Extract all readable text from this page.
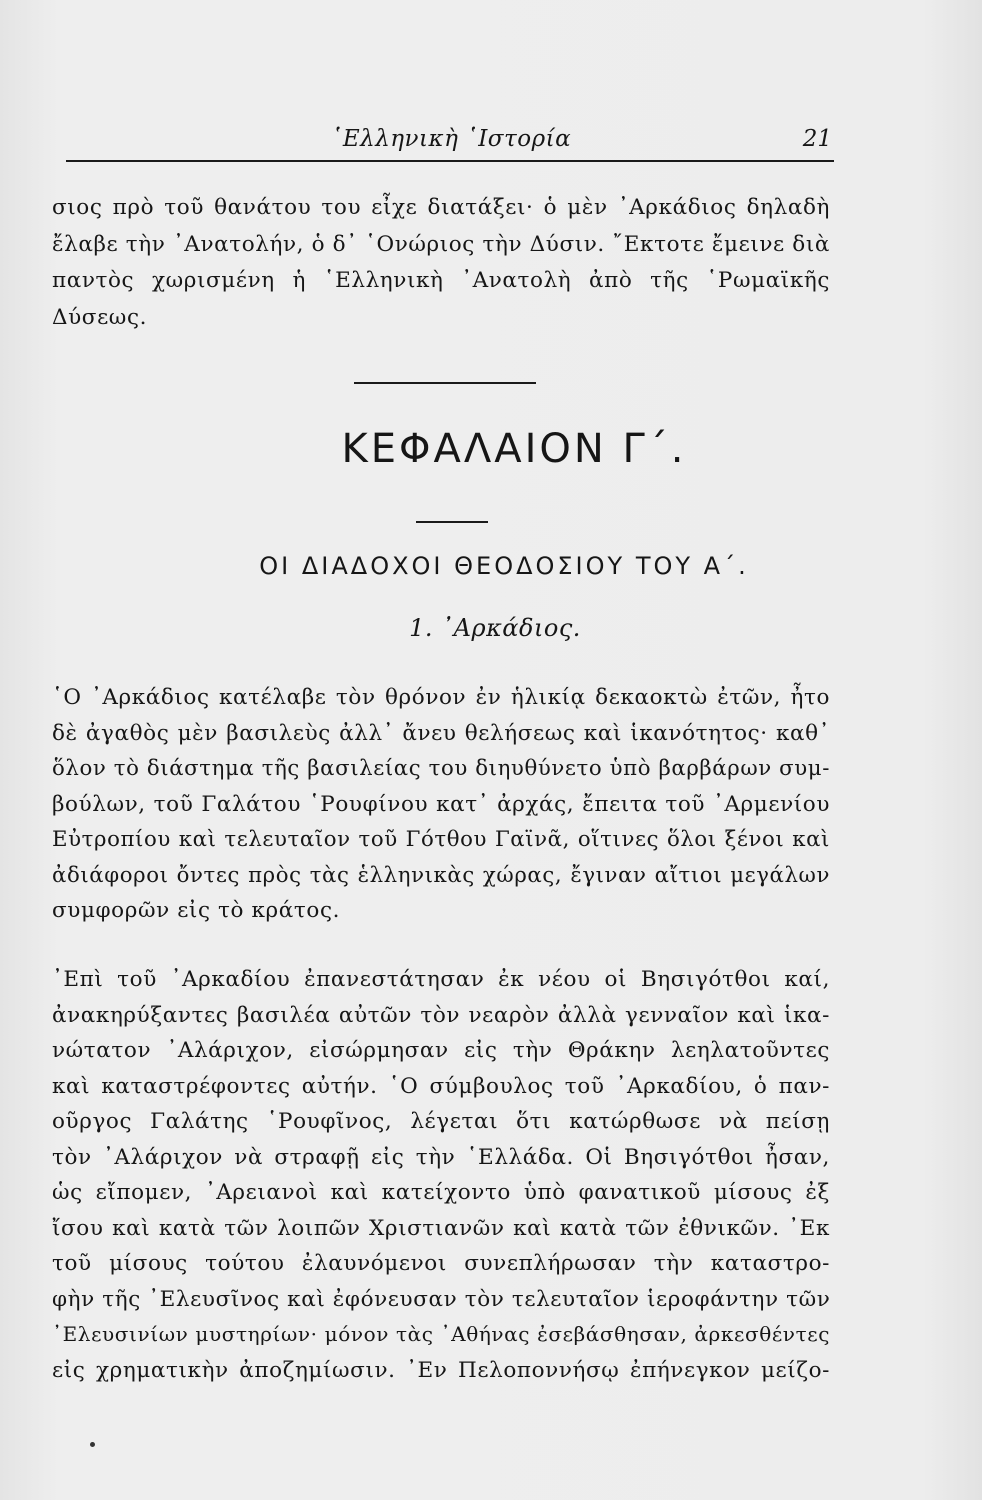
῾Ελληνικὴ ῾Ιστορία	21
σιος πρὸ τοῦ θανάτου του εἶχε διατάξει· ὁ μὲν ᾿Αρκάδιος δηλαδὴ
ἔλαβε τὴν ᾿Ανατολήν, ὁ δ᾿ ῾Ονώριος τὴν Δύσιν. ῎Εκτοτε ἔμεινε διὰ
παντὸς χωρισμένη ἡ ῾Ελληνικὴ ᾿Ανατολὴ ἀπὸ τῆς ῾Ρωμαϊκῆς
Δύσεως.
ΚΕΦΑΛΑΙΟΝ Γ΄.
ΟΙ ΔΙΑΔΟΧΟΙ ΘΕΟΔΟΣΙΟΥ ΤΟΥ Α΄.
1. ᾿Αρκάδιος.
῾Ο ᾿Αρκάδιος κατέλαβε τὸν θρόνον ἐν ἡλικίᾳ δεκαοκτὼ ἐτῶν, ἦτο
δὲ ἀγαθὸς μὲν βασιλεὺς ἀλλ᾿ ἄνευ θελήσεως καὶ ἱκανότητος· καθ᾿
ὅλον τὸ διάστημα τῆς βασιλείας του διηυθύνετο ὑπὸ βαρβάρων συμ-
βούλων, τοῦ Γαλάτου ῾Ρουφίνου κατ᾿ ἀρχάς, ἔπειτα τοῦ ᾿Αρμενίου
Εὐτροπίου καὶ τελευταῖον τοῦ Γότθου Γαϊνᾶ, οἵτινες ὅλοι ξένοι καὶ
ἀδιάφοροι ὄντες πρὸς τὰς ἑλληνικὰς χώρας, ἔγιναν αἴτιοι μεγάλων
συμφορῶν εἰς τὸ κράτος.
᾿Επὶ τοῦ ᾿Αρκαδίου ἐπανεστάτησαν ἐκ νέου οἱ Βησιγότθοι καί,
ἀνακηρύξαντες βασιλέα αὐτῶν τὸν νεαρὸν ἀλλὰ γενναῖον καὶ ἱκα-
νώτατον ᾿Αλάριχον, εἰσώρμησαν εἰς τὴν Θράκην λεηλατοῦντες
καὶ καταστρέφοντες αὐτήν. ῾Ο σύμβουλος τοῦ ᾿Αρκαδίου, ὁ παν-
οῦργος Γαλάτης ῾Ρουφῖνος, λέγεται ὅτι κατώρθωσε νὰ πείσῃ
τὸν ᾿Αλάριχον νὰ στραφῇ εἰς τὴν ῾Ελλάδα. Οἱ Βησιγότθοι ἦσαν,
ὡς εἴπομεν, ᾿Αρειανοὶ καὶ κατείχοντο ὑπὸ φανατικοῦ μίσους ἐξ
ἴσου καὶ κατὰ τῶν λοιπῶν Χριστιανῶν καὶ κατὰ τῶν ἐθνικῶν. ᾿Εκ
τοῦ μίσους τούτου ἐλαυνόμενοι συνεπλήρωσαν τὴν καταστρο-
φὴν τῆς ᾿Ελευσῖνος καὶ ἐφόνευσαν τὸν τελευταῖον ἱεροφάντην τῶν
᾿Ελευσινίων μυστηρίων· μόνον τὰς ᾿Αθήνας ἐσεβάσθησαν, ἀρκεσθέντες
εἰς χρηματικὴν ἀποζημίωσιν. ᾿Εν Πελοποννήσῳ ἐπήνεγκον μείζο-
